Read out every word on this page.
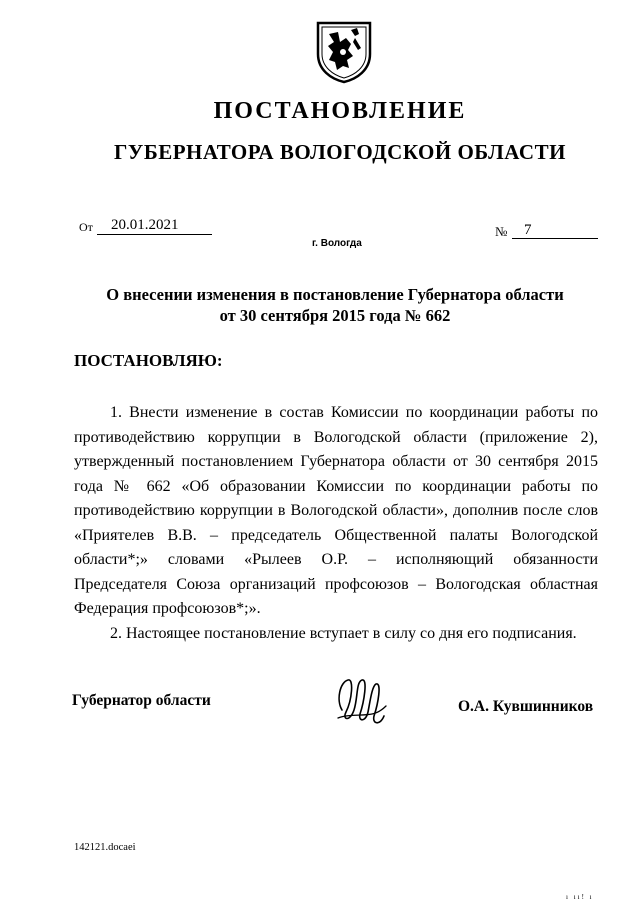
· · ·
ПОСТАНОВЛЕНИЕ
ГУБЕРНАТОРА ВОЛОГОДСКОЙ ОБЛАСТИ
От	20.01.2021	№	7
г. Вологда
О внесении изменения в постановление Губернатора области
от 30 сентября 2015 года № 662
ПОСТАНОВЛЯЮ:

1. Внести изменение в состав Комиссии по координации работы по противодействию коррупции в Вологодской области (приложение 2), утвержденный постановлением Губернатора области от 30 сентября 2015 года № 662 «Об образовании Комиссии по координации работы по противодействию коррупции в Вологодской области», дополнив после слов «Приятелев В.В. – председатель Общественной палаты Вологодской области*;» словами «Рылеев О.Р. – исполняющий обязанности Председателя Союза организаций профсоюзов – Вологодская областная Федерация профсоюзов*;».

2. Настоящее постановление вступает в силу со дня его подписания.

Губернатор области	О.А. Кувшинников
142121.docaei
ı ıı! ı
